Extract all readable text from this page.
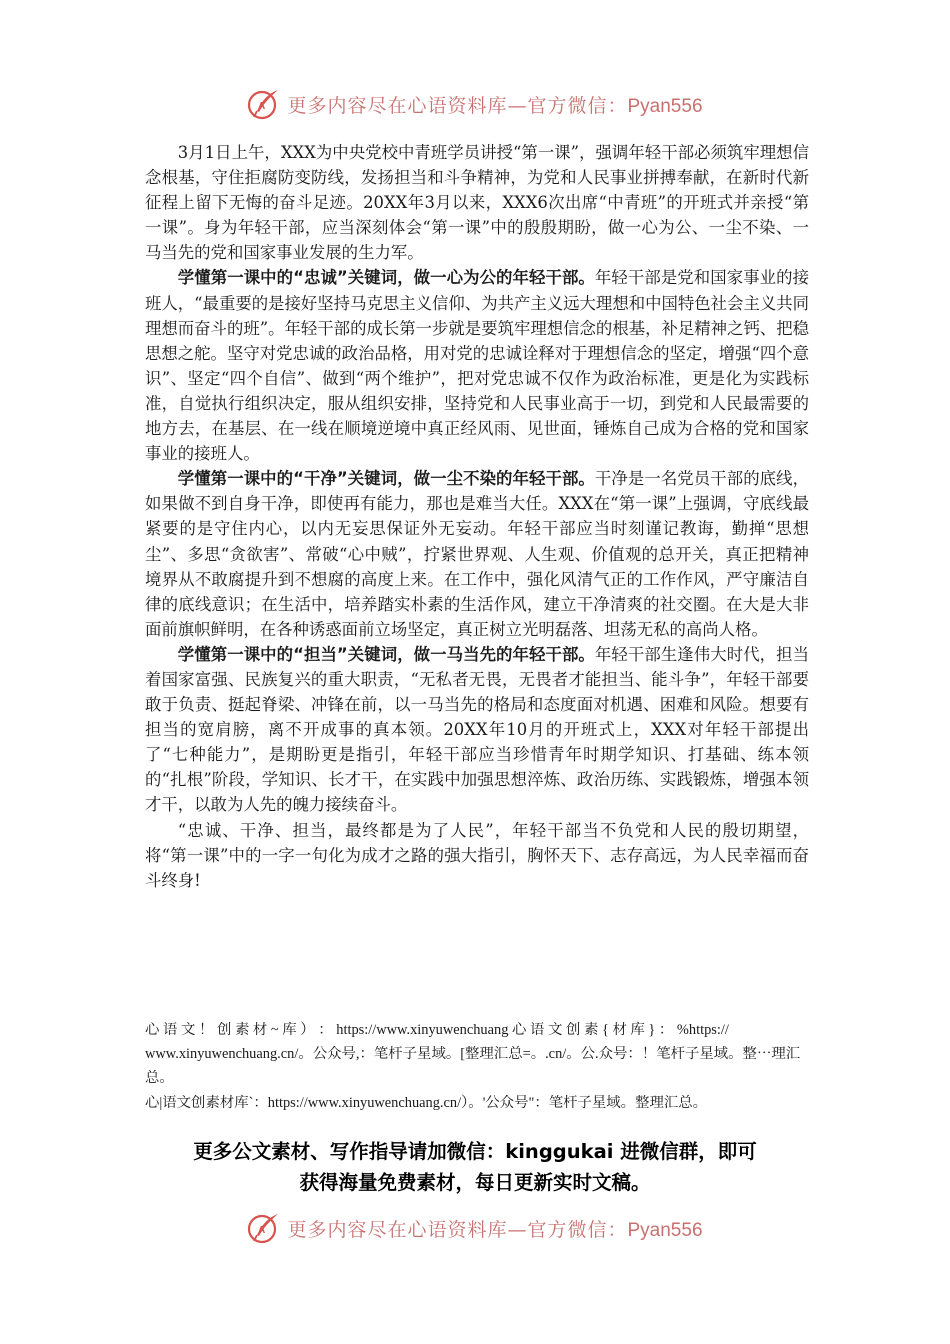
A 更多内容尽在心语资料库—官方微信：Pyan556

3月1日上午，XXX为中央党校中青班学员讲授“第一课”，强调年轻干部必须筑牢理想信念根基，守住拒腐防变防线，发扬担当和斗争精神，为党和人民事业拼搏奉献，在新时代新征程上留下无悔的奋斗足迹。20XX年3月以来，XXX6次出席“中青班”的开班式并亲授“第一课”。身为年轻干部，应当深刻体会“第一课”中的殷殷期盼，做一心为公、一尘不染、一马当先的党和国家事业发展的生力军。

学懂第一课中的“忠诚”关键词，做一心为公的年轻干部。年轻干部是党和国家事业的接班人，“最重要的是接好坚持马克思主义信仰、为共产主义远大理想和中国特色社会主义共同理想而奋斗的班”。年轻干部的成长第一步就是要筑牢理想信念的根基，补足精神之钙、把稳思想之舵。坚守对党忠诚的政治品格，用对党的忠诚诠释对于理想信念的坚定，增强“四个意识”、坚定“四个自信”、做到“两个维护”，把对党忠诚不仅作为政治标准，更是化为实践标准，自觉执行组织决定，服从组织安排，坚持党和人民事业高于一切，到党和人民最需要的地方去，在基层、在一线在顺境逆境中真正经风雨、见世面，锤炼自己成为合格的党和国家事业的接班人。

学懂第一课中的“干净”关键词，做一尘不染的年轻干部。干净是一名党员干部的底线，如果做不到自身干净，即使再有能力，那也是难当大任。XXX在“第一课”上强调，守底线最紧要的是守住内心，以内无妄思保证外无妄动。年轻干部应当时刻谨记教诲，勤掸“思想尘”、多思“贪欲害”、常破“心中贼”，拧紧世界观、人生观、价值观的总开关，真正把精神境界从不敢腐提升到不想腐的高度上来。在工作中，强化风清气正的工作作风，严守廉洁自律的底线意识；在生活中，培养踏实朴素的生活作风，建立干净清爽的社交圈。在大是大非面前旗帜鲜明，在各种诱惑面前立场坚定，真正树立光明磊落、坦荡无私的高尚人格。

学懂第一课中的“担当”关键词，做一马当先的年轻干部。年轻干部生逢伟大时代，担当着国家富强、民族复兴的重大职责，“无私者无畏，无畏者才能担当、能斗争”，年轻干部要敢于负责、挺起脊梁、冲锋在前，以一马当先的格局和态度面对机遇、困难和风险。想要有担当的宽肩膀，离不开成事的真本领。20XX年10月的开班式上，XXX对年轻干部提出了“七种能力”，是期盼更是指引，年轻干部应当珍惜青年时期学知识、打基础、练本领的“扎根”阶段，学知识、长才干，在实践中加强思想淬炼、政治历练、实践锻炼，增强本领才干，以敢为人先的魄力接续奋斗。

“忠诚、干净、担当，最终都是为了人民”，年轻干部当不负党和人民的殷切期望，将“第一课”中的一字一句化为成才之路的强大指引，胸怀天下、志存高远，为人民幸福而奋斗终身!

心 语 文 ！ 创 素 材 ~ 库 ） ： https://www.xinyuwenchuang 心 语 文 创 素 { 材 库 } ： %https:// www.xinyuwenchuang.cn/。公众号,：笔杆子星域。[整理汇总=。.cn/。公.众号：！笔杆子星域。整⋯理汇总。

心|语文创素材库`：https://www.xinyuwenchuang.cn/）。'公众号"：笔杆子星域。整理汇总。

更多公文素材、写作指导请加微信：kinggukai 进微信群，即可

获得海量免费素材，每日更新实时文稿。

A 更多内容尽在心语资料库—官方微信：Pyan556
